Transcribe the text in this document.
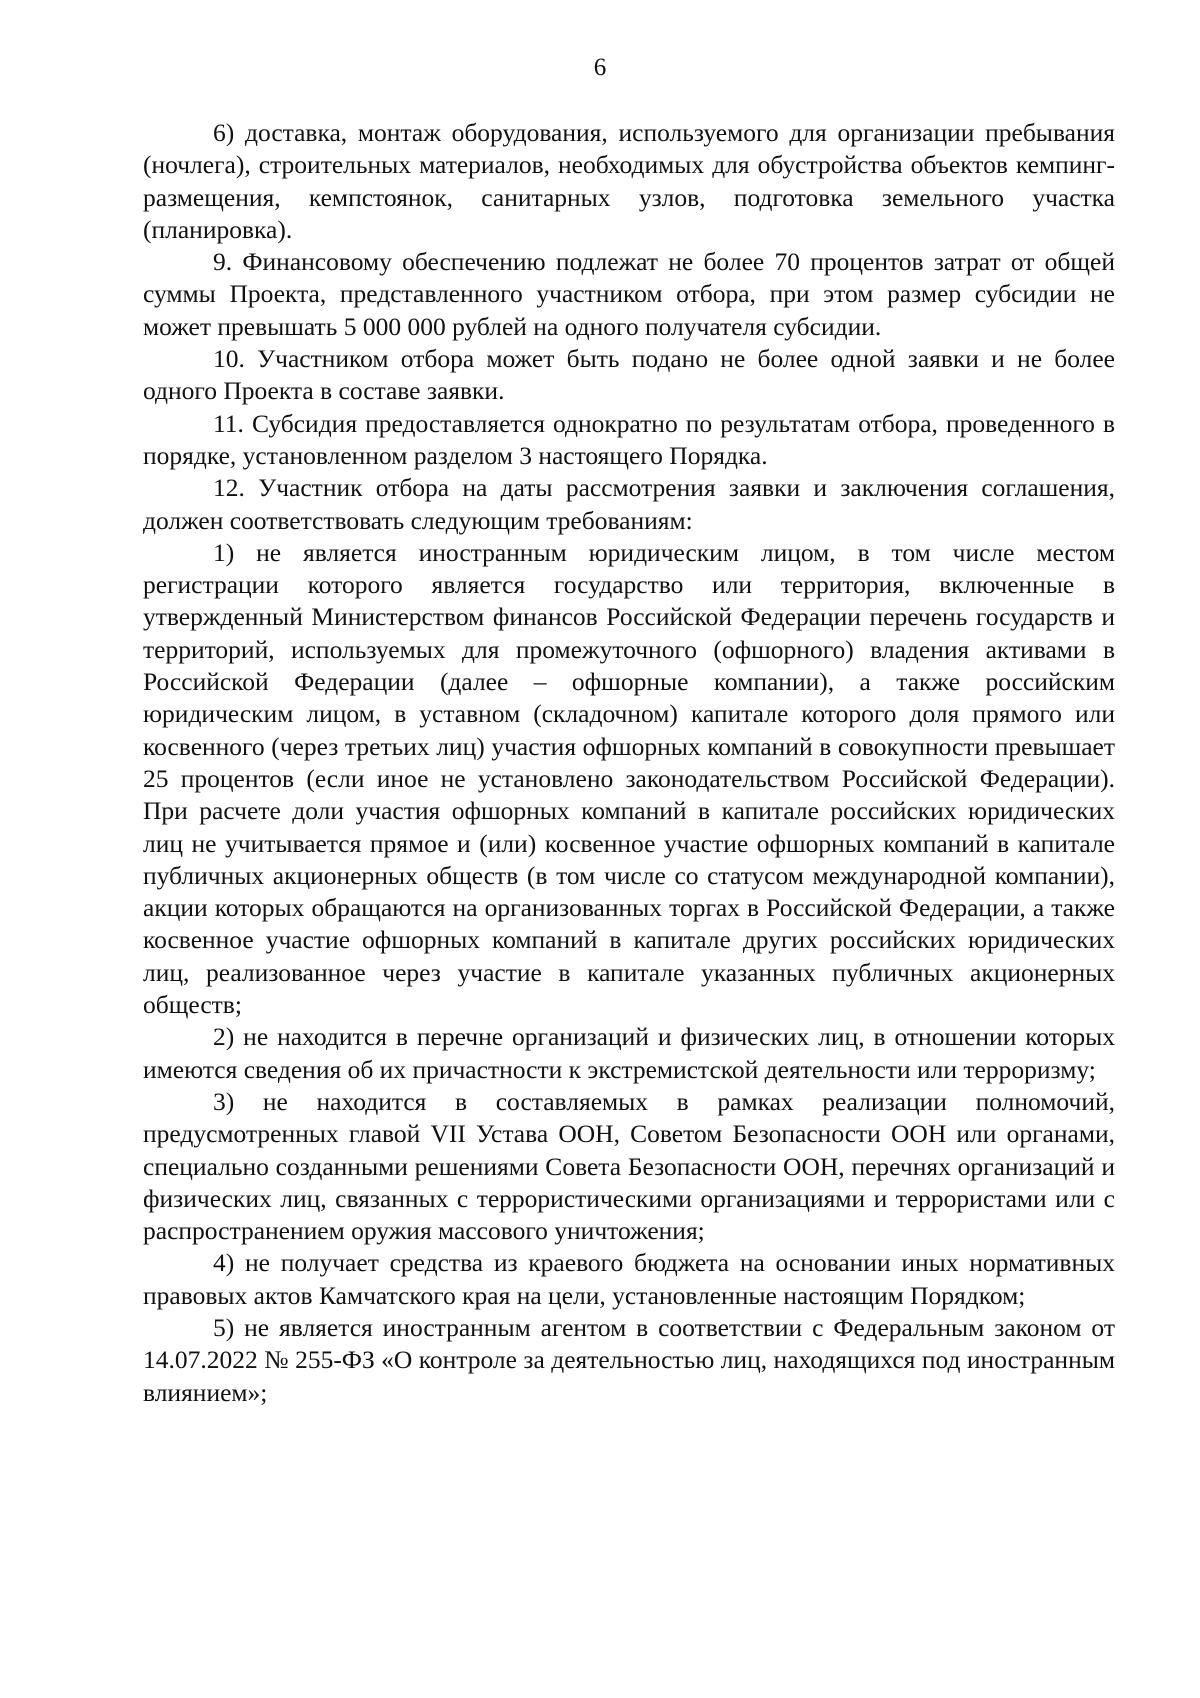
6

6) доставка, монтаж оборудования, используемого для организации пребывания (ночлега), строительных материалов, необходимых для обустройства объектов кемпинг-размещения, кемпстоянок, санитарных узлов, подготовка земельного участка (планировка).

9. Финансовому обеспечению подлежат не более 70 процентов затрат от общей суммы Проекта, представленного участником отбора, при этом размер субсидии не может превышать 5 000 000 рублей на одного получателя субсидии.

10. Участником отбора может быть подано не более одной заявки и не более одного Проекта в составе заявки.

11. Субсидия предоставляется однократно по результатам отбора, проведенного в порядке, установленном разделом 3 настоящего Порядка.

12. Участник отбора на даты рассмотрения заявки и заключения соглашения, должен соответствовать следующим требованиям:

1) не является иностранным юридическим лицом, в том числе местом регистрации которого является государство или территория, включенные в утвержденный Министерством финансов Российской Федерации перечень государств и территорий, используемых для промежуточного (офшорного) владения активами в Российской Федерации (далее – офшорные компании), а также российским юридическим лицом, в уставном (складочном) капитале которого доля прямого или косвенного (через третьих лиц) участия офшорных компаний в совокупности превышает 25 процентов (если иное не установлено законодательством Российской Федерации). При расчете доли участия офшорных компаний в капитале российских юридических лиц не учитывается прямое и (или) косвенное участие офшорных компаний в капитале публичных акционерных обществ (в том числе со статусом международной компании), акции которых обращаются на организованных торгах в Российской Федерации, а также косвенное участие офшорных компаний в капитале других российских юридических лиц, реализованное через участие в капитале указанных публичных акционерных обществ;

2) не находится в перечне организаций и физических лиц, в отношении которых имеются сведения об их причастности к экстремистской деятельности или терроризму;

3) не находится в составляемых в рамках реализации полномочий, предусмотренных главой VII Устава ООН, Советом Безопасности ООН или органами, специально созданными решениями Совета Безопасности ООН, перечнях организаций и физических лиц, связанных с террористическими организациями и террористами или с распространением оружия массового уничтожения;

4) не получает средства из краевого бюджета на основании иных нормативных правовых актов Камчатского края на цели, установленные настоящим Порядком;

5) не является иностранным агентом в соответствии с Федеральным законом от 14.07.2022 № 255-ФЗ «О контроле за деятельностью лиц, находящихся под иностранным влиянием»;
